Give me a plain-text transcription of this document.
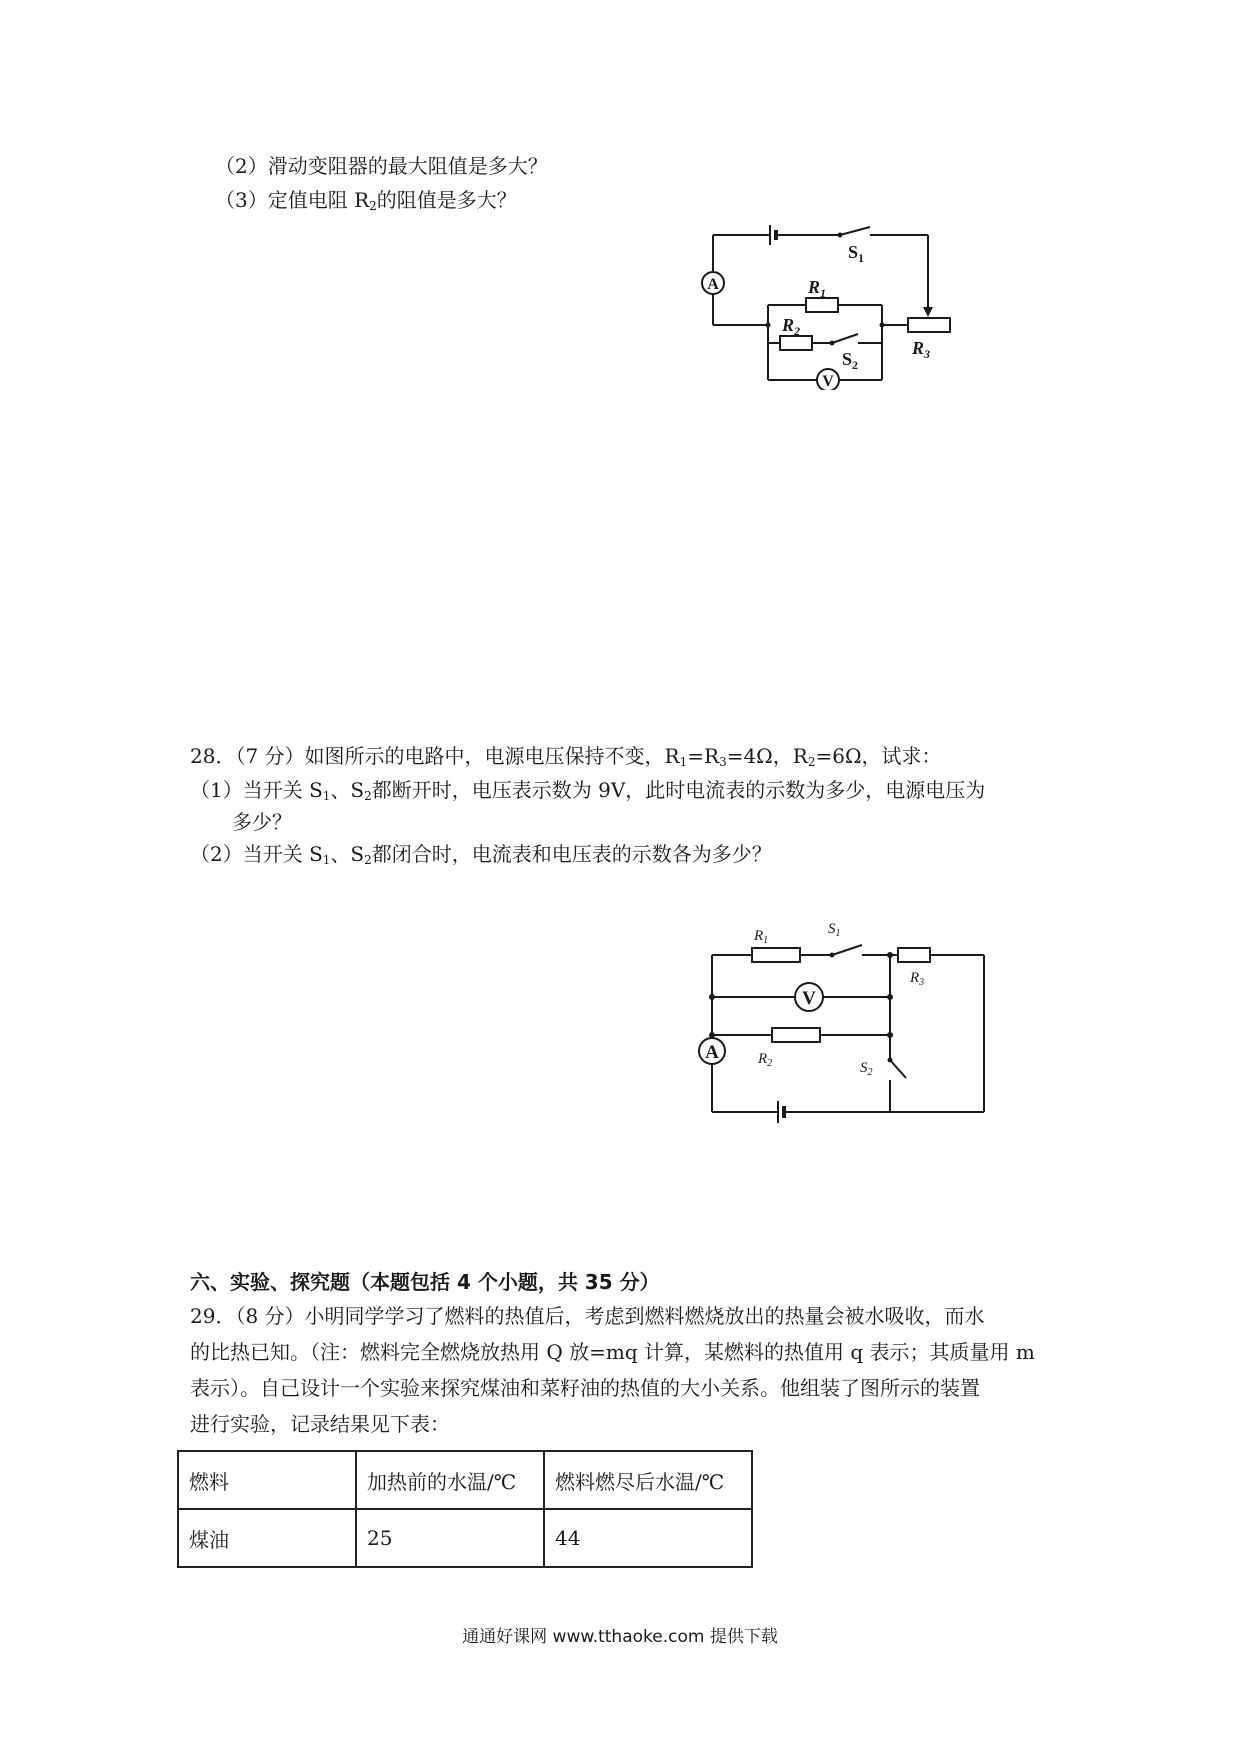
（2）滑动变阻器的最大阻值是多大？
（3）定值电阻 $R_2$的阻值是多大？
A
V
$S_1$
$R_1$
$R_2$
$S_2$
$R_3$
28．（7 分）如图所示的电路中，电源电压保持不变，$R_1=R_3=4\Omega$，$R_2=6\Omega$，试求：
（1）当开关 $S_1$、$S_2$都断开时，电压表示数为 9V，此时电流表的示数为多少，电源电压为
多少？
（2）当开关 $S_1$、$S_2$都闭合时，电流表和电压表的示数各为多少？
V
A
$R_1$
$S_1$
$R_3$
$R_2$	$S_2$
六、实验、探究题（本题包括 4 个小题，共 35 分）
29．（8 分）小明同学学习了燃料的热值后，考虑到燃料燃烧放出的热量会被水吸收，而水
的比热已知。（注：燃料完全燃烧放热用 Q 放=mq 计算，某燃料的热值用 q 表示；其质量用 m
表示）。自己设计一个实验来探究煤油和菜籽油的热值的大小关系。他组装了图所示的装置
进行实验，记录结果见下表：
燃料	加热前的水温/℃	燃料燃尽后水温/℃
煤油	25	44
通通好课网 www.tthaoke.com 提供下载
